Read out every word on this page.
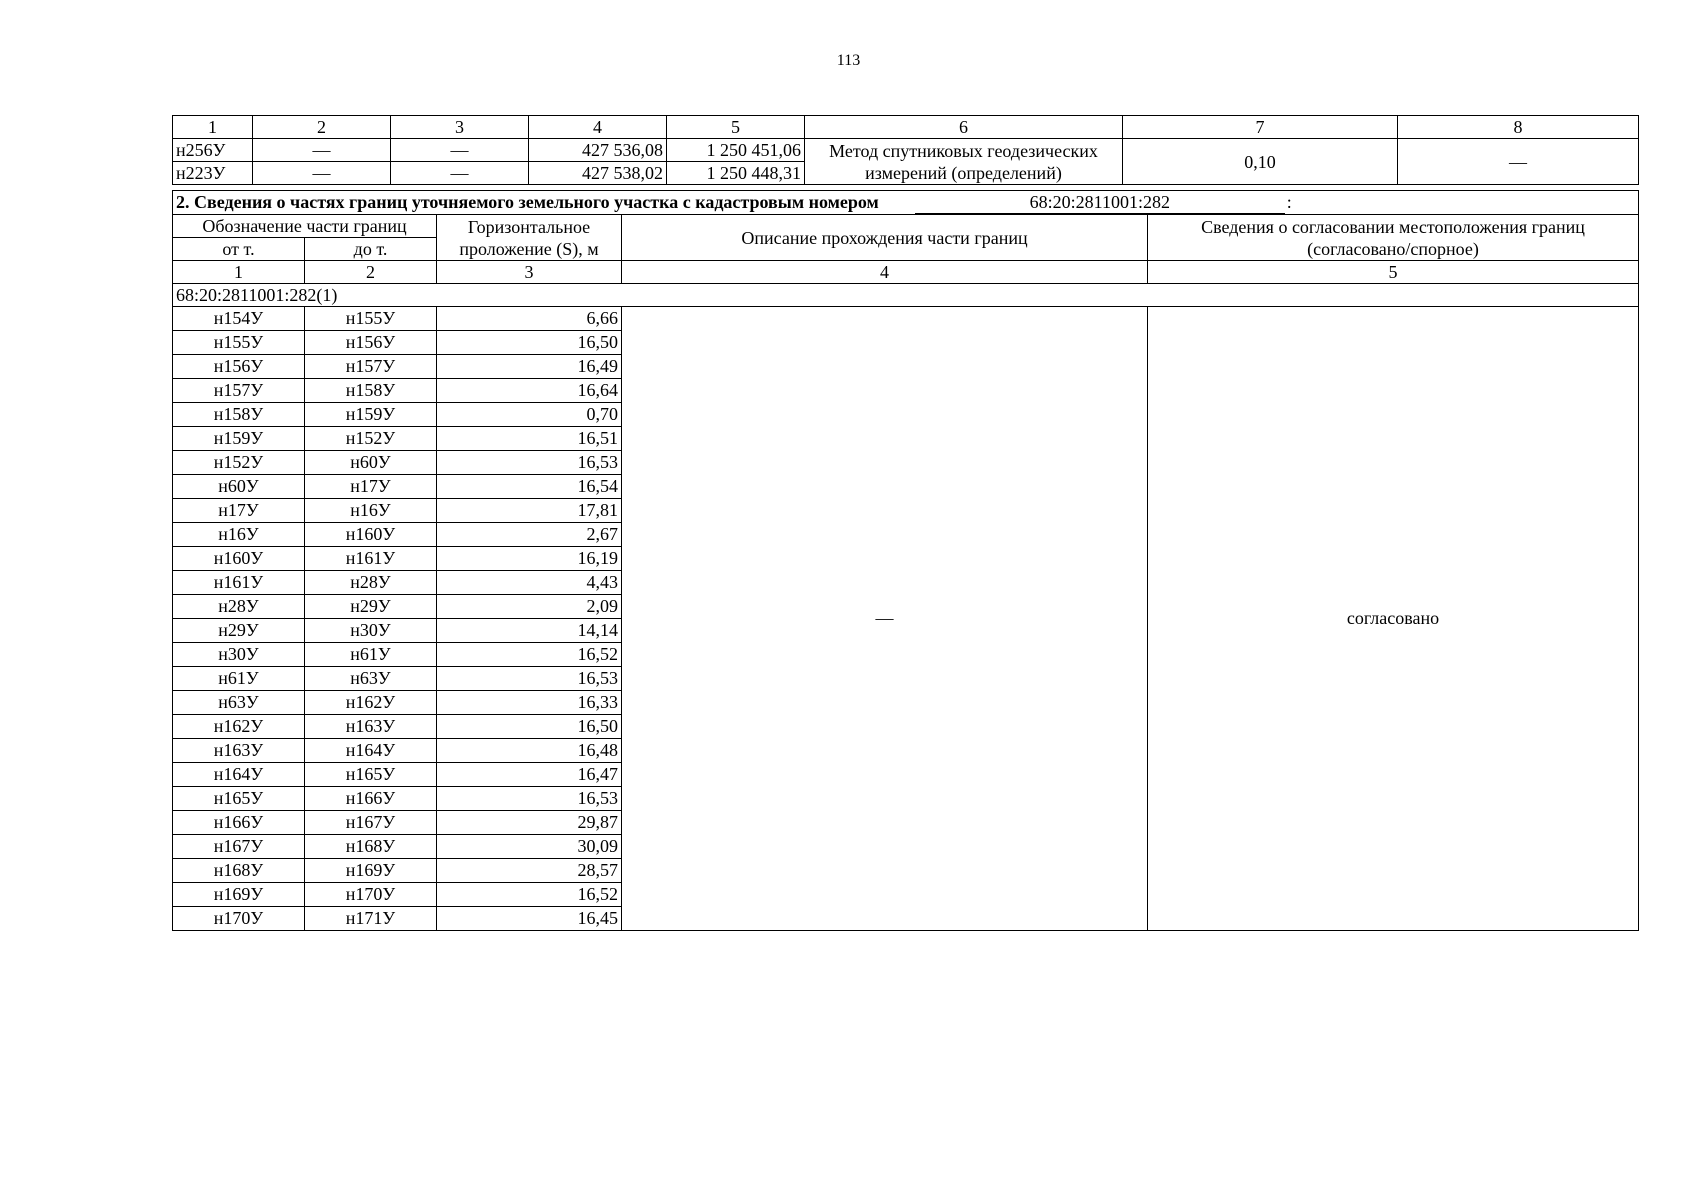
113
1	2	3	4	5	6	7	8
н256У	—	—	427 536,08	1 250 451,06	Метод спутниковых геодезических измерений (определений)	0,10	—
н223У	—	—	427 538,02	1 250 448,31			
2. Сведения о частях границ уточняемого земельного участка с кадастровым номером 68:20:2811001:282 :				
Обозначение части границ		Горизонтальное проложение (S), м	Описание прохождения части границ	Сведения о согласовании местоположения границ (согласовано/спорное)
от т.	до т.			
1	2	3	4	5
68:20:2811001:282(1)				
н154У	н155У	6,66	—	согласовано
н155У	н156У	16,50		
н156У	н157У	16,49		
н157У	н158У	16,64		
н158У	н159У	0,70		
н159У	н152У	16,51		
н152У	н60У	16,53		
н60У	н17У	16,54		
н17У	н16У	17,81		
н16У	н160У	2,67		
н160У	н161У	16,19		
н161У	н28У	4,43		
н28У	н29У	2,09		
н29У	н30У	14,14		
н30У	н61У	16,52		
н61У	н63У	16,53		
н63У	н162У	16,33		
н162У	н163У	16,50		
н163У	н164У	16,48		
н164У	н165У	16,47		
н165У	н166У	16,53		
н166У	н167У	29,87		
н167У	н168У	30,09		
н168У	н169У	28,57		
н169У	н170У	16,52		
н170У	н171У	16,45		
